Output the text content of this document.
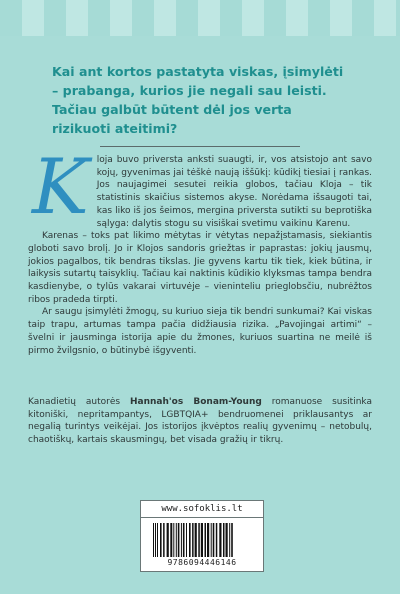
Kai ant kortos pastatyta viskas, įsimylėti – prabanga, kurios jie negali sau leisti. Tačiau galbūt būtent dėl jos verta rizikuoti ateitimi?
K loja buvo priversta anksti suaugti, ir, vos atsistojo ant savo kojų, gyvenimas jai tėškė naują iššūkį: kūdikį tiesiai į rankas. Jos naujagimei sesutei reikia globos, tačiau Kloja – tik statistinis skaičius sistemos akyse. Norėdama išsaugoti tai, kas liko iš jos šeimos, mergina priversta sutikti su beprotiška sąlyga: dalytis stogu su visiškai svetimu vaikinu Karenu.

Karenas – toks pat likimo mėtytas ir vėtytas nepažįstamasis, siekiantis globoti savo brolį. Jo ir Klojos sandoris griežtas ir paprastas: jokių jausmų, jokios pagalbos, tik bendras tikslas. Jie gyvens kartu tik tiek, kiek būtina, ir laikysis sutartų taisyklių. Tačiau kai naktinis kūdikio klyksmas tampa bendra kasdienybe, o tylūs vakarai virtuvėje – vieninteliu prieglobsčiu, nubrėžtos ribos pradeda tirpti.

Ar saugu įsimylėti žmogų, su kuriuo sieja tik bendri sunkumai? Kai viskas taip trapu, artumas tampa pačia didžiausia rizika. „Pavojingai artimi“ – švelni ir jausminga istorija apie du žmones, kuriuos suartina ne meilė iš pirmo žvilgsnio, o būtinybė išgyventi.

Kanadietių autorės Hannah'os Bonam-Young romanuose susitinka kitoniški, nepritampantys, LGBTQIA+ bendruomenei priklausantys ar negalią turintys veikėjai. Jos istorijos įkvėptos realių gyvenimų – netobulų, chaotiškų, kartais skausmingų, bet visada gražių ir tikrų.

www.sofoklis.lt
9786094446146
